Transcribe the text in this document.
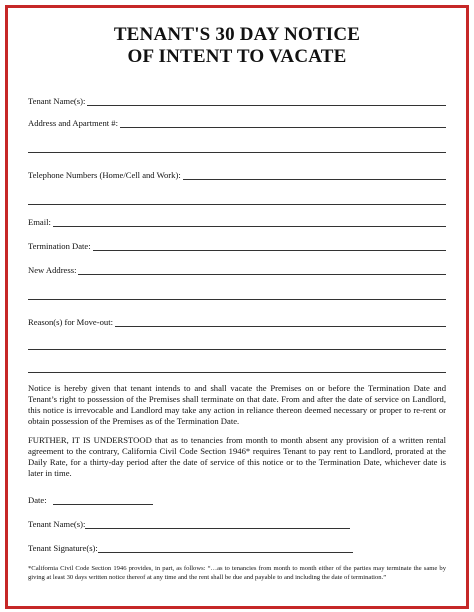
TENANT'S 30 DAY NOTICE

OF INTENT TO VACATE

Tenant Name(s):
Address and Apartment #:
Telephone Numbers (Home/Cell and Work):
Email:
Termination Date:
New Address:
Reason(s) for Move-out:

Notice is hereby given that tenant intends to and shall vacate the Premises on or before the Termination Date and Tenant’s right to possession of the Premises shall terminate on that date. From and after the date of service on Landlord, this notice is irrevocable and Landlord may take any action in reliance thereon deemed necessary or proper to re-rent or obtain possession of the Premises as of the Termination Date.

FURTHER, IT IS UNDERSTOOD that as to tenancies from month to month absent any provision of a written rental agreement to the contrary, California Civil Code Section 1946* requires Tenant to pay rent to Landlord, prorated at the Daily Rate, for a thirty-day period after the date of service of this notice or to the Termination Date, whichever date is later in time.

Date:
Tenant Name(s):
Tenant Signature(s):

*California Civil Code Section 1946 provides, in part, as follows: “…as to tenancies from month to month either of the parties may terminate the same by giving at least 30 days written notice thereof at any time and the rent shall be due and payable to and including the date of termination.”
